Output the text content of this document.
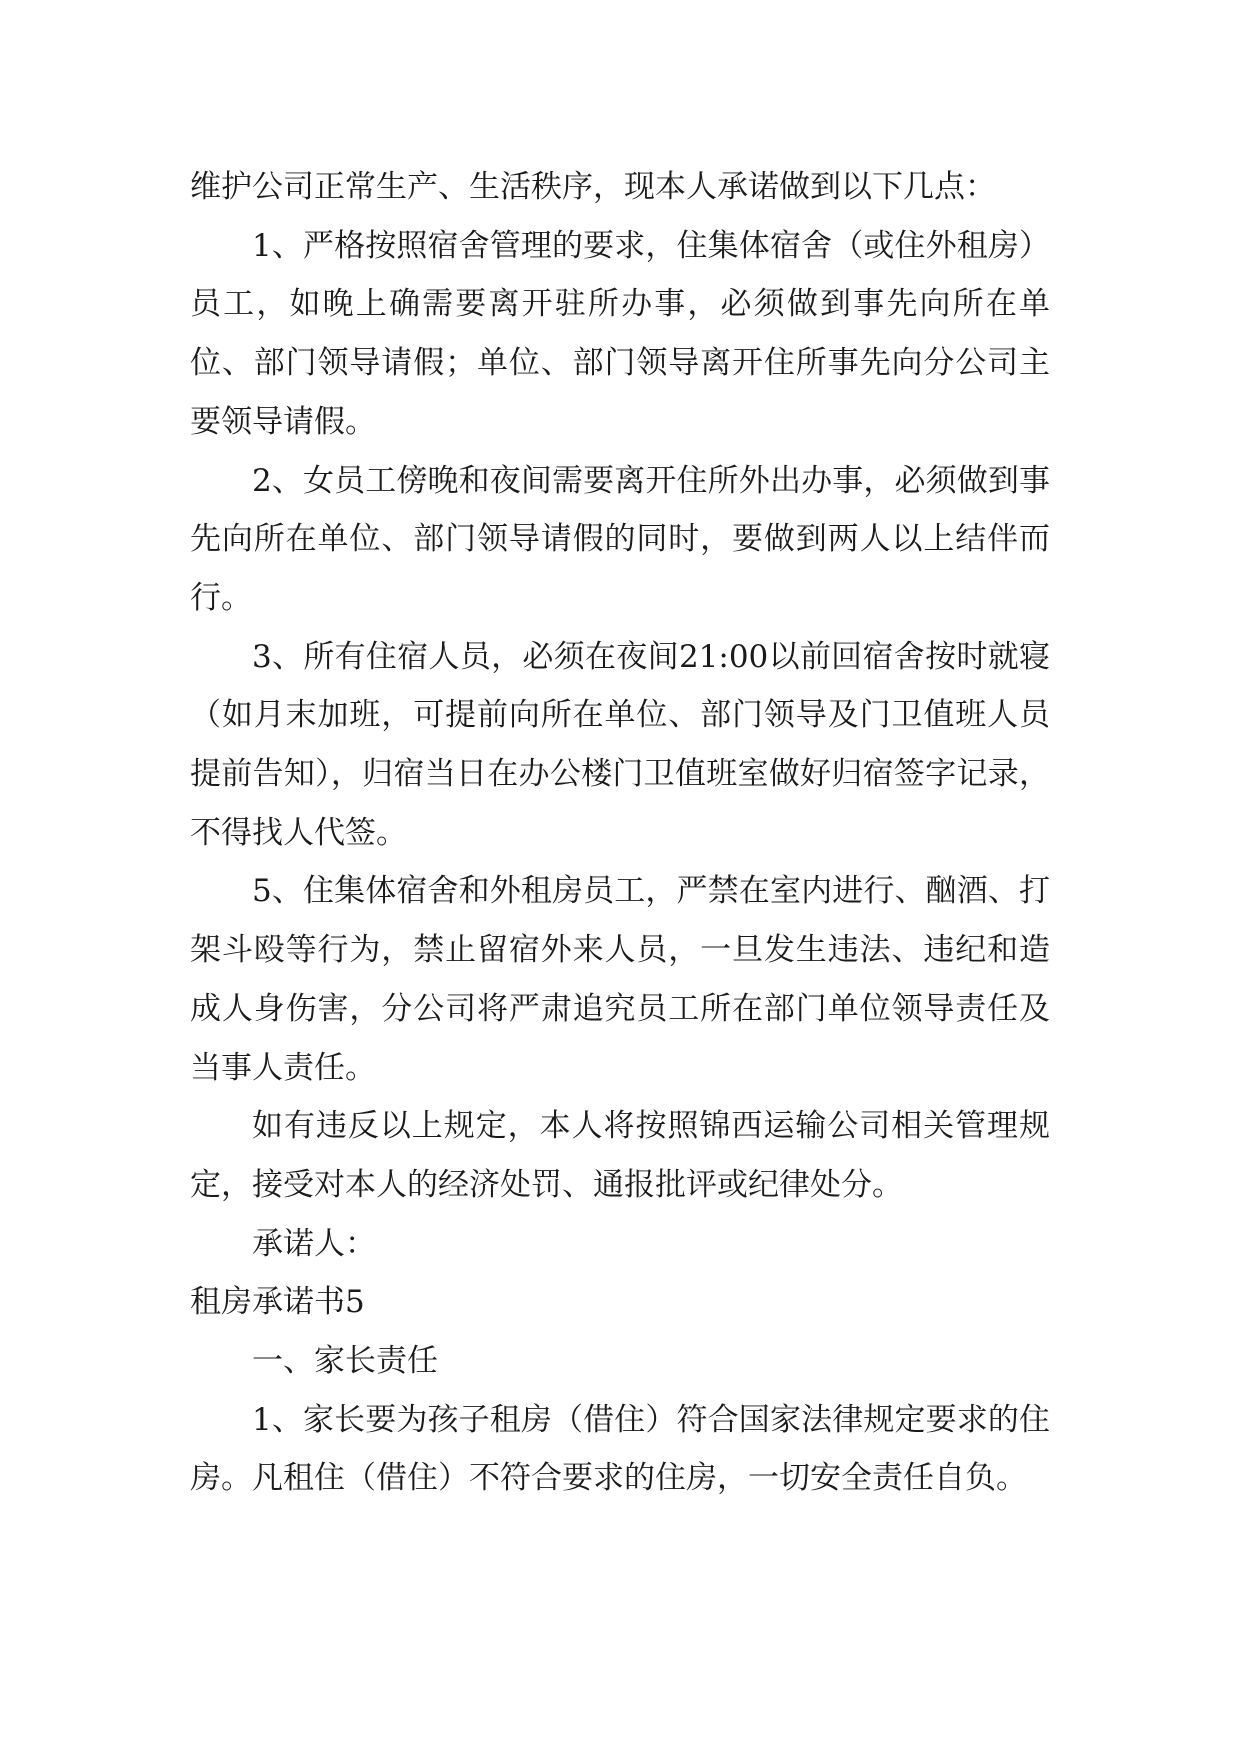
维护公司正常生产、生活秩序，现本人承诺做到以下几点：

1、严格按照宿舍管理的要求，住集体宿舍（或住外租房）员工，如晚上确需要离开驻所办事，必须做到事先向所在单位、部门领导请假；单位、部门领导离开住所事先向分公司主要领导请假。

2、女员工傍晚和夜间需要离开住所外出办事，必须做到事先向所在单位、部门领导请假的同时，要做到两人以上结伴而行。

3、所有住宿人员，必须在夜间21:00以前回宿舍按时就寝（如月末加班，可提前向所在单位、部门领导及门卫值班人员提前告知），归宿当日在办公楼门卫值班室做好归宿签字记录，不得找人代签。

5、住集体宿舍和外租房员工，严禁在室内进行、酗酒、打架斗殴等行为，禁止留宿外来人员，一旦发生违法、违纪和造成人身伤害，分公司将严肃追究员工所在部门单位领导责任及当事人责任。

如有违反以上规定，本人将按照锦西运输公司相关管理规定，接受对本人的经济处罚、通报批评或纪律处分。

承诺人：

租房承诺书5

一、家长责任

1、家长要为孩子租房（借住）符合国家法律规定要求的住房。凡租住（借住）不符合要求的住房，一切安全责任自负。
